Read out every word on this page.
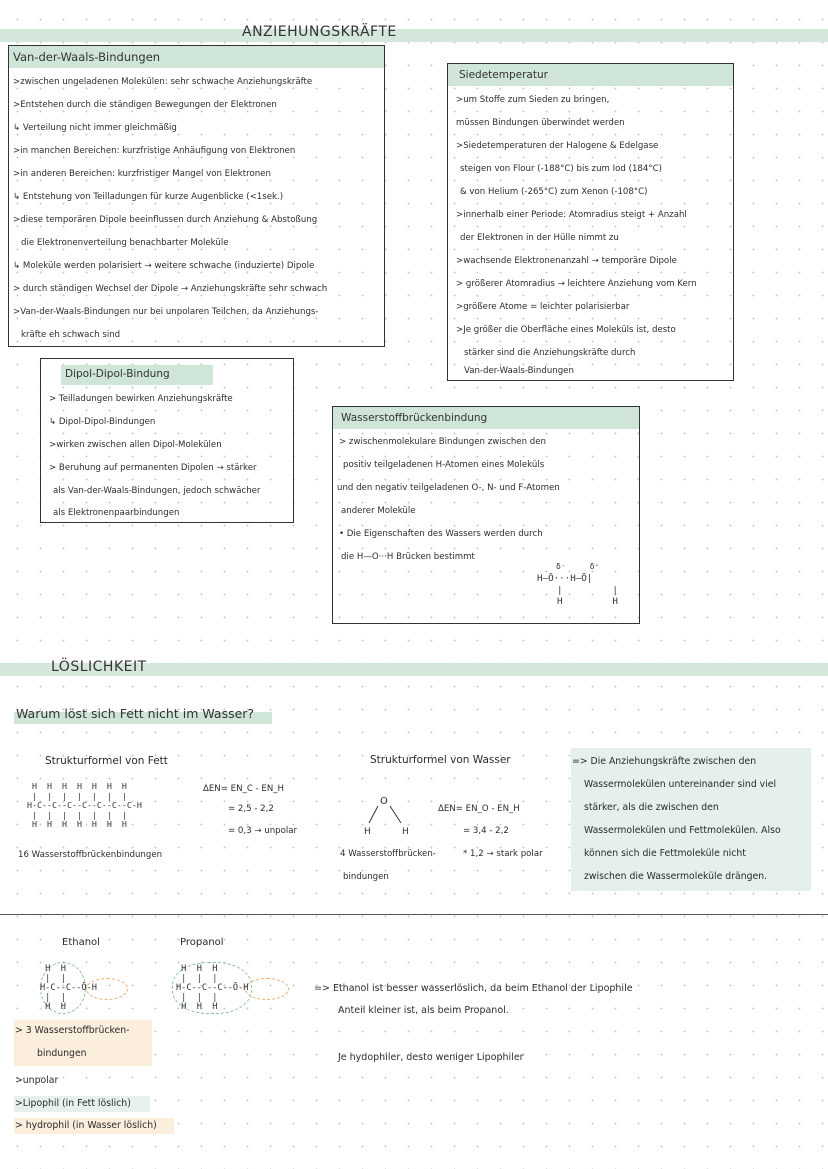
ANZIEHUNGSKRÄFTE
Van-der-Waals-Bindungen
>zwischen ungeladenen Molekülen: sehr schwache Anziehungskräfte
>Entstehen durch die ständigen Bewegungen der Elektronen
↳ Verteilung nicht immer gleichmäßig
>in manchen Bereichen: kurzfristige Anhäufigung von Elektronen
>in anderen Bereichen: kurzfristiger Mangel von Elektronen
↳ Entstehung von Teilladungen für kurze Augenblicke (<1sek.)
>diese temporären Dipole beeinflussen durch Anziehung & Abstoßung
die Elektronenverteilung benachbarter Moleküle
↳ Moleküle werden polarisiert → weitere schwache (induzierte) Dipole
> durch ständigen Wechsel der Dipole → Anziehungskräfte sehr schwach
>Van-der-Waals-Bindungen nur bei unpolaren Teilchen, da Anziehungs-
kräfte eh schwach sind
Siedetemperatur
>um Stoffe zum Sieden zu bringen,
müssen Bindungen überwindet werden
>Siedetemperaturen der Halogene & Edelgase
steigen von Flour (-188°C) bis zum Iod (184°C)
& von Helium (-265°C) zum Xenon (-108°C)
>innerhalb einer Periode: Atomradius steigt + Anzahl
der Elektronen in der Hülle nimmt zu
>wachsende Elektronenanzahl → temporäre Dipole
> größerer Atomradius → leichtere Anziehung vom Kern
>größere Atome = leichter polarisierbar
>Je größer die Oberfläche eines Moleküls ist, desto
stärker sind die Anziehungskräfte durch
Van-der-Waals-Bindungen
Dipol-Dipol-Bindung
> Teilladungen bewirken Anziehungskräfte
↳ Dipol-Dipol-Bindungen
>wirken zwischen allen Dipol-Molekülen
> Beruhung auf permanenten Dipolen → stärker
als Van-der-Waals-Bindungen, jedoch schwächer
als Elektronenpaarbindungen
Wasserstoffbrückenbindung
> zwischenmolekulare Bindungen zwischen den
positiv teilgeladenen H-Atomen eines Moleküls
und den negativ teilgeladenen O-, N- und F-Atomen
anderer Moleküle
• Die Eigenschaften des Wassers werden durch
die H—O···H Brücken bestimmt
δ⁻     δ⁺
H—Ō···H—Ō|
|         |
H         H
LÖSLICHKEIT
Warum löst sich Fett nicht im Wasser?
Strukturformel von Fett
H  H  H  H  H  H  H
|  |  |  |  |  |  |
H-C--C--C--C--C--C--C-H
|  |  |  |  |  |  |
H  H  H  H  H  H  H
ΔEN= EN_C - EN_H
= 2,5 - 2,2
= 0,3 → unpolar
16 Wasserstoffbrückenbindungen
Strukturformel von Wasser
O
H	H
ΔEN= EN_O - EN_H
= 3,4 - 2,2
* 1,2 → stark polar
4 Wasserstoffbrücken-
bindungen
=> Die Anziehungskräfte zwischen den
Wassermolekülen untereinander sind viel
stärker, als die zwischen den
Wassermolekülen und Fettmolekülen. Also
können sich die Fettmoleküle nicht
zwischen die Wassermoleküle drängen.
Ethanol
H  H
|  |
H-C--C--Ō-H
|  |
H  H
> 3 Wasserstoffbrücken-
bindungen
>unpolar
>Lipophil (in Fett löslich)
> hydrophil (in Wasser löslich)
Propanol
H  H  H
|  |  |
H-C--C--C--Ō-H
|  |  |
H  H  H
=> Ethanol ist besser wasserlöslich, da beim Ethanol der Lipophile
Anteil kleiner ist, als beim Propanol.
Je hydophiler, desto weniger Lipophiler
